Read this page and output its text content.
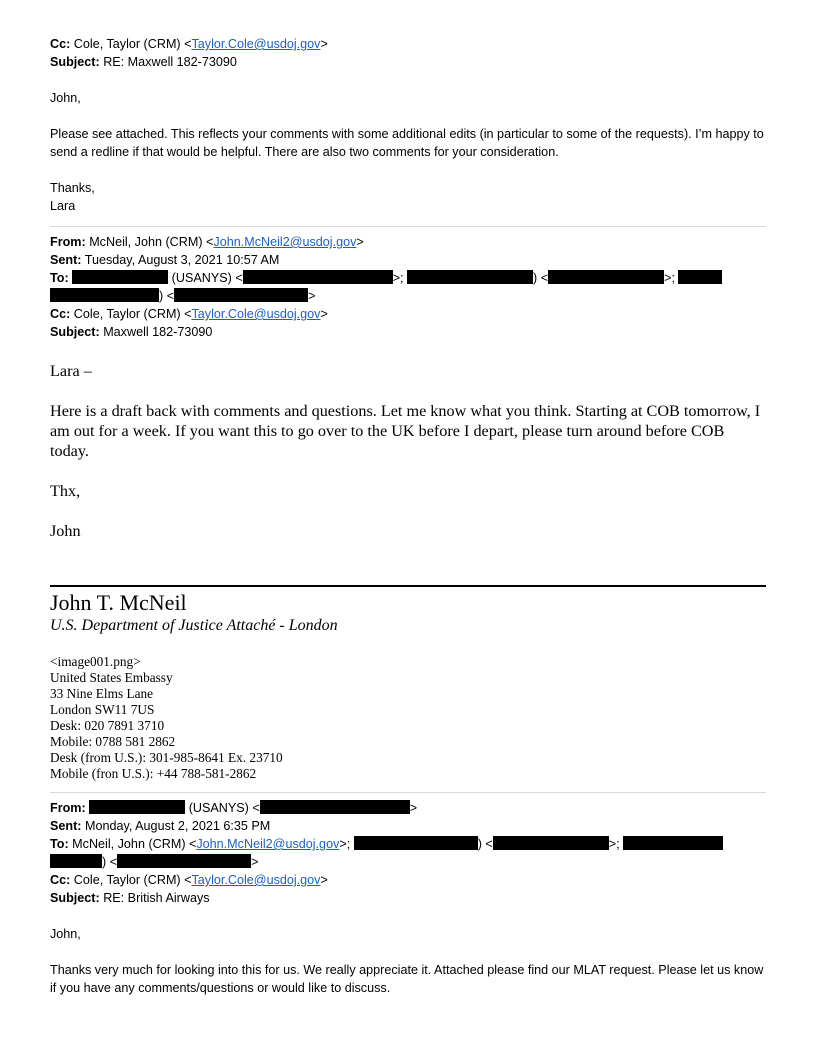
Cc: Cole, Taylor (CRM) <Taylor.Cole@usdoj.gov>
Subject: RE: Maxwell 182-73090
John,
Please see attached. This reflects your comments with some additional edits (in particular to some of the requests). I’m happy to send a redline if that would be helpful. There are also two comments for your consideration.
Thanks,
Lara
From: McNeil, John (CRM) <John.McNeil2@usdoj.gov>
Sent: Tuesday, August 3, 2021 10:57 AM
To:	(USANYS) <	>;	) <	>;
) <	>
Cc: Cole, Taylor (CRM) <Taylor.Cole@usdoj.gov>
Subject: Maxwell 182-73090
Lara –
Here is a draft back with comments and questions. Let me know what you think. Starting at COB tomorrow, I am out for a week. If you want this to go over to the UK before I depart, please turn around before COB today.
Thx,
John
John T. McNeil
U.S. Department of Justice Attaché - London
<image001.png>
United States Embassy
33 Nine Elms Lane
London SW11 7US
Desk: 020 7891 3710
Mobile: 0788 581 2862
Desk (from U.S.): 301-985-8641 Ex. 23710
Mobile (fron U.S.): +44 788-581-2862
From:	(USANYS) <	>
Sent: Monday, August 2, 2021 6:35 PM
To: McNeil, John (CRM) <John.McNeil2@usdoj.gov>;	) <	>;
) <	>
Cc: Cole, Taylor (CRM) <Taylor.Cole@usdoj.gov>
Subject: RE: British Airways
John,
Thanks very much for looking into this for us. We really appreciate it. Attached please find our MLAT request. Please let us know if you have any comments/questions or would like to discuss.
